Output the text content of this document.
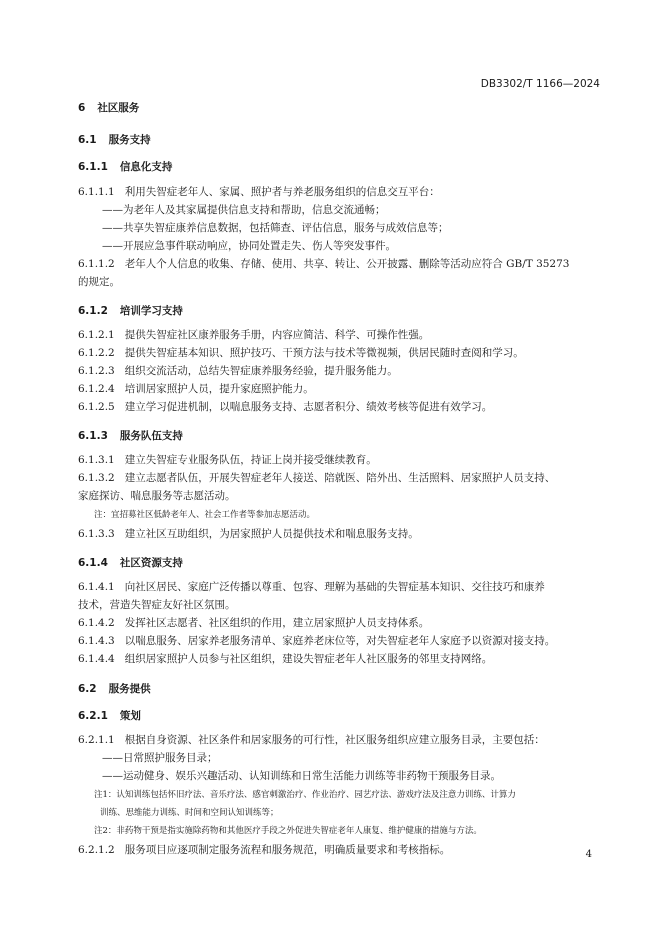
DB3302/T 1166—2024
6 社区服务
6.1 服务支持
6.1.1 信息化支持
6.1.1.1 利用失智症老年人、家属、照护者与养老服务组织的信息交互平台：
——为老年人及其家属提供信息支持和帮助，信息交流通畅；
——共享失智症康养信息数据，包括筛查、评估信息，服务与成效信息等；
——开展应急事件联动响应，协同处置走失、伤人等突发事件。
6.1.1.2 老年人个人信息的收集、存储、使用、共享、转让、公开披露、删除等活动应符合 GB/T 35273
的规定。
6.1.2 培训学习支持
6.1.2.1 提供失智症社区康养服务手册，内容应简洁、科学、可操作性强。
6.1.2.2 提供失智症基本知识、照护技巧、干预方法与技术等微视频，供居民随时查阅和学习。
6.1.2.3 组织交流活动，总结失智症康养服务经验，提升服务能力。
6.1.2.4 培训居家照护人员，提升家庭照护能力。
6.1.2.5 建立学习促进机制，以喘息服务支持、志愿者积分、绩效考核等促进有效学习。
6.1.3 服务队伍支持
6.1.3.1 建立失智症专业服务队伍，持证上岗并接受继续教育。
6.1.3.2 建立志愿者队伍，开展失智症老年人接送、陪就医、陪外出、生活照料、居家照护人员支持、
家庭探访、喘息服务等志愿活动。
注：宜招募社区低龄老年人、社会工作者等参加志愿活动。
6.1.3.3 建立社区互助组织，为居家照护人员提供技术和喘息服务支持。
6.1.4 社区资源支持
6.1.4.1 向社区居民、家庭广泛传播以尊重、包容、理解为基础的失智症基本知识、交往技巧和康养
技术，营造失智症友好社区氛围。
6.1.4.2 发挥社区志愿者、社区组织的作用，建立居家照护人员支持体系。
6.1.4.3 以喘息服务、居家养老服务清单、家庭养老床位等，对失智症老年人家庭予以资源对接支持。
6.1.4.4 组织居家照护人员参与社区组织，建设失智症老年人社区服务的邻里支持网络。
6.2 服务提供
6.2.1 策划
6.2.1.1 根据自身资源、社区条件和居家服务的可行性，社区服务组织应建立服务目录，主要包括：
——日常照护服务目录；
——运动健身、娱乐兴趣活动、认知训练和日常生活能力训练等非药物干预服务目录。
注1：认知训练包括怀旧疗法、音乐疗法、感官刺激治疗、作业治疗、园艺疗法、游戏疗法及注意力训练、计算力
训练、思维能力训练、时间和空间认知训练等；
注2：非药物干预是指实施除药物和其他医疗手段之外促进失智症老年人康复、维护健康的措施与方法。
6.2.1.2 服务项目应逐项制定服务流程和服务规范，明确质量要求和考核指标。	4
